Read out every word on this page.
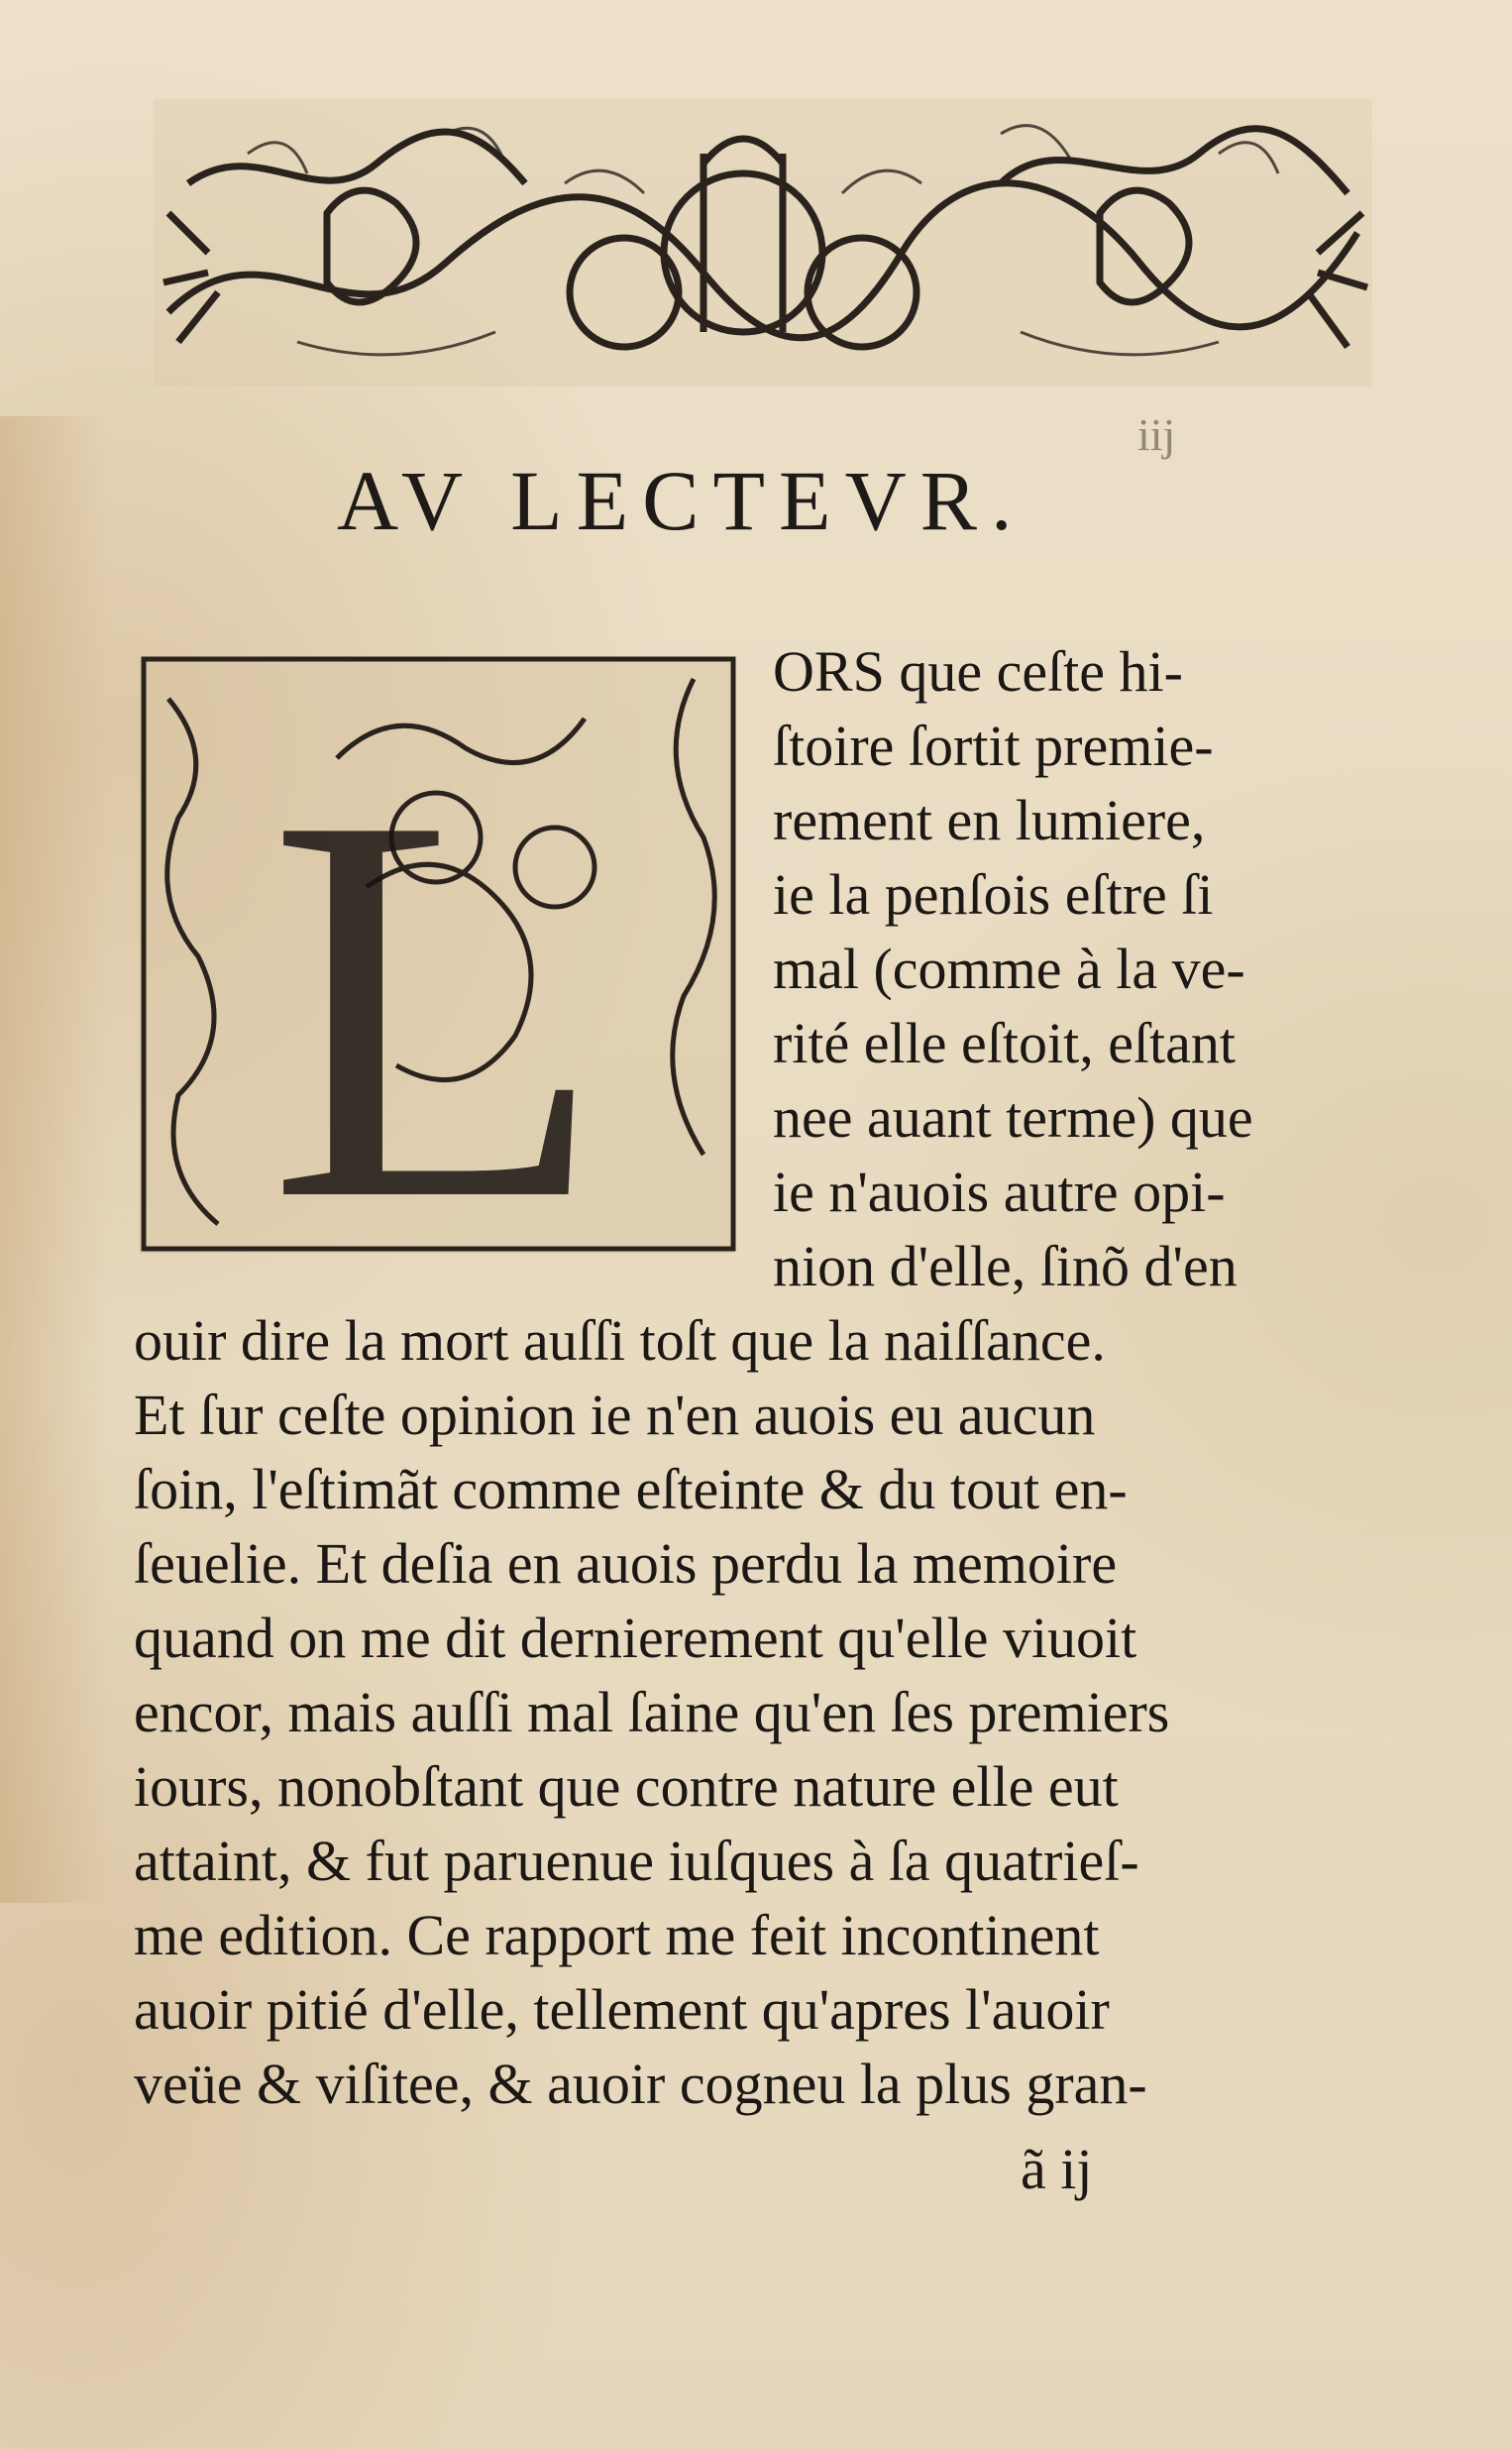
iij
AV LECTEVR.
L
ORS que ceſte hi-
ſtoire ſortit premie-
rement en lumiere,
ie la penſois eſtre ſi
mal (comme à la ve-
rité elle eſtoit, eſtant
nee auant terme) que
ie n'auois autre opi-
nion d'elle, ſinõ d'en
ouir dire la mort auſſi toſt que la naiſſance.
Et ſur ceſte opinion ie n'en auois eu aucun
ſoin, l'eſtimãt comme eſteinte & du tout en-
ſeuelie. Et deſia en auois perdu la memoire
quand on me dit dernierement qu'elle viuoit
encor, mais auſſi mal ſaine qu'en ſes premiers
iours, nonobſtant que contre nature elle eut
attaint, & fut paruenue iuſques à ſa quatrieſ-
me edition. Ce rapport me feit incontinent
auoir pitié d'elle, tellement qu'apres l'auoir
veüe & viſitee, & auoir cogneu la plus gran-
ã ij
